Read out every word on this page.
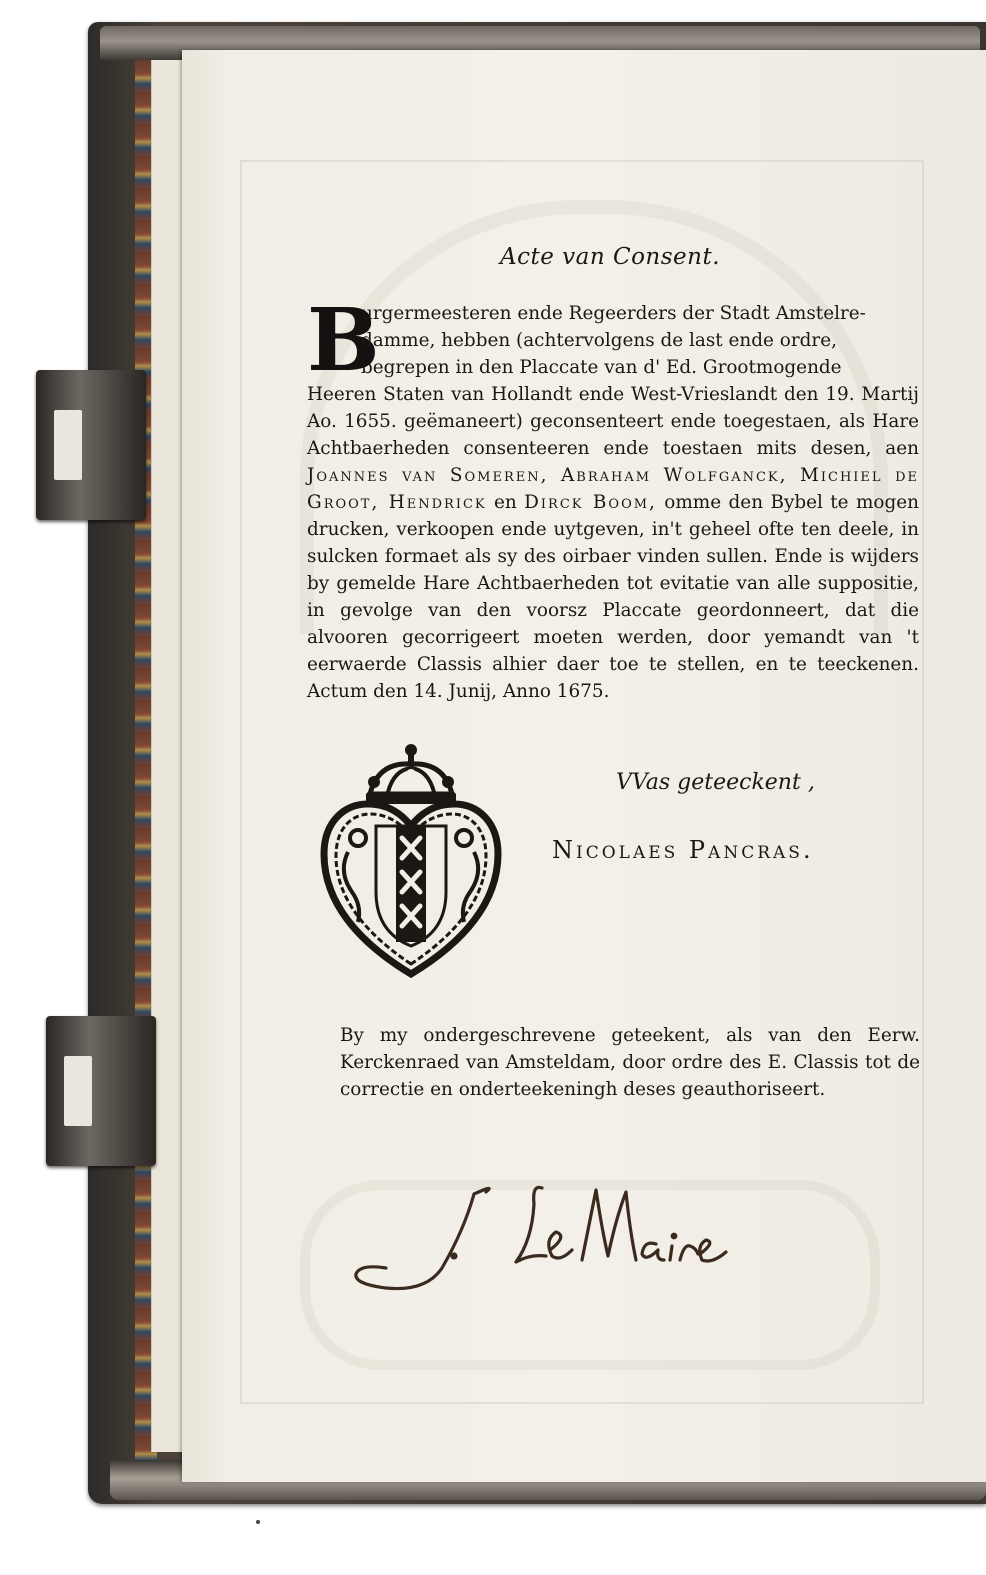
Acte van Consent.
B
urgermeesteren ende Regeerders der Stadt Amstelre-
damme, hebben (achtervolgens de last ende ordre,
begrepen in den Placcate van d' Ed. Grootmogende
Heeren Staten van Hollandt ende West-Vrieslandt den 19. Martij Ao. 1655. geëmaneert) geconsenteert ende toegestaen, als Hare Achtbaerheden consenteeren ende toestaen mits desen, aen Joannes van Someren, Abraham Wolfganck, Michiel de Groot, Hendrick en Dirck Boom, omme den Bybel te mogen drucken, verkoopen ende uytgeven, in't geheel ofte ten deele, in sulcken formaet als sy des oirbaer vinden sullen. Ende is wijders by gemelde Hare Achtbaerheden tot evitatie van alle suppositie, in gevolge van den voorsz Placcate geordonneert, dat die alvooren gecorrigeert moeten werden, door yemandt van 't eerwaerde Classis alhier daer toe te stellen, en te teeckenen. Actum den 14. Junij, Anno 1675.
VVas geteeckent ,
Nicolaes Pancras.
By my ondergeschrevene geteekent, als van den Eerw. Kerckenraed van Amsteldam, door ordre des E. Classis tot de correctie en onderteekeningh deses geauthoriseert.
